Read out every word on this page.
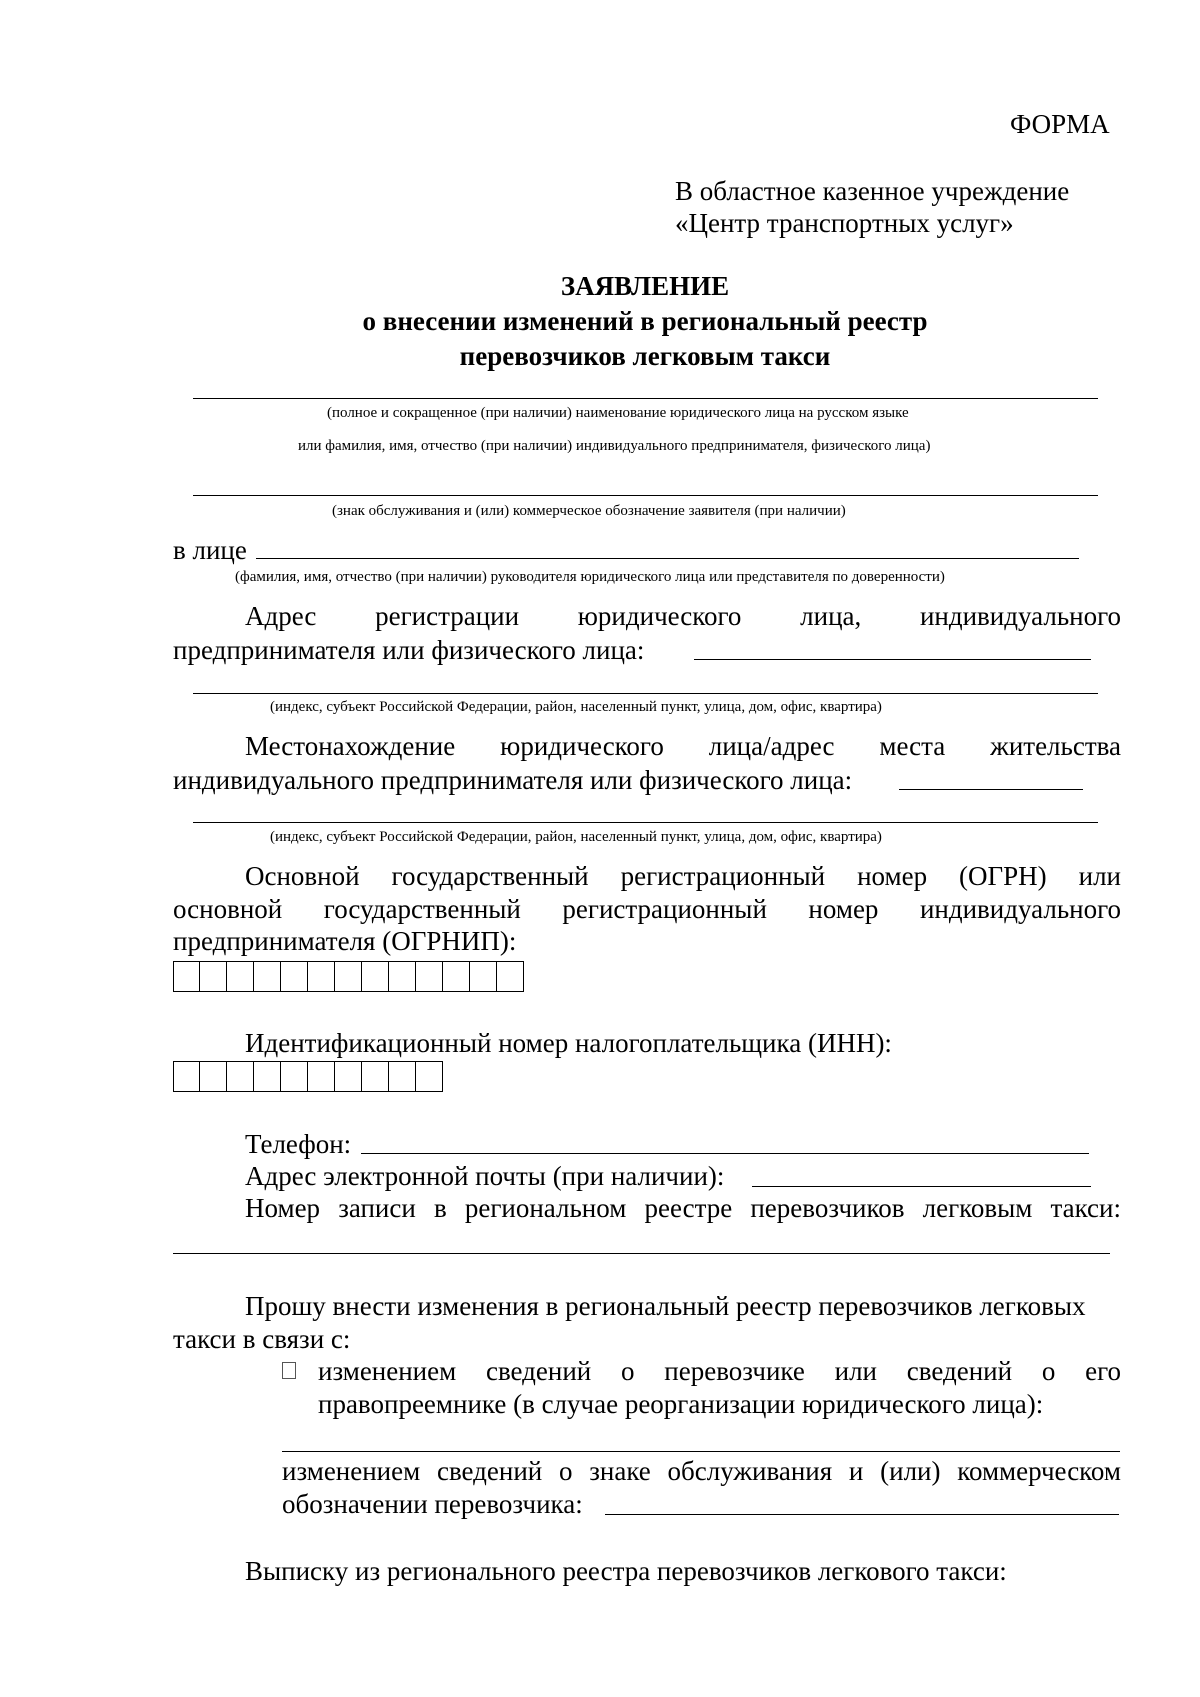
ФОРМА
В областное казенное учреждение
«Центр транспортных услуг»
ЗАЯВЛЕНИЕ
о внесении изменений в региональный реестр
перевозчиков легковым такси
(полное и сокращенное (при наличии) наименование юридического лица на русском языке
или фамилия, имя, отчество (при наличии) индивидуального предпринимателя, физического лица)
(знак обслуживания и (или) коммерческое обозначение заявителя (при наличии)
в лице
(фамилия, имя, отчество (при наличии) руководителя юридического лица или представителя по доверенности)
Адрес регистрации юридического лица, индивидуального
предпринимателя или физического лица:
(индекс, субъект Российской Федерации, район, населенный пункт, улица, дом, офис, квартира)
Местонахождение юридического лица/адрес места жительства
индивидуального предпринимателя или физического лица:
(индекс, субъект Российской Федерации, район, населенный пункт, улица, дом, офис, квартира)
Основной государственный регистрационный номер (ОГРН) или
основной государственный регистрационный номер индивидуального
предпринимателя (ОГРНИП):
Идентификационный номер налогоплательщика (ИНН):
Телефон:
Адрес электронной почты (при наличии):
Номер записи в региональном реестре перевозчиков легковым такси:
Прошу внести изменения в региональный реестр перевозчиков легковых
такси в связи с:
изменением сведений о перевозчике или сведений о его
правопреемнике (в случае реорганизации юридического лица):
изменением сведений о знаке обслуживания и (или) коммерческом
обозначении перевозчика:
Выписку из регионального реестра перевозчиков легкового такси:
